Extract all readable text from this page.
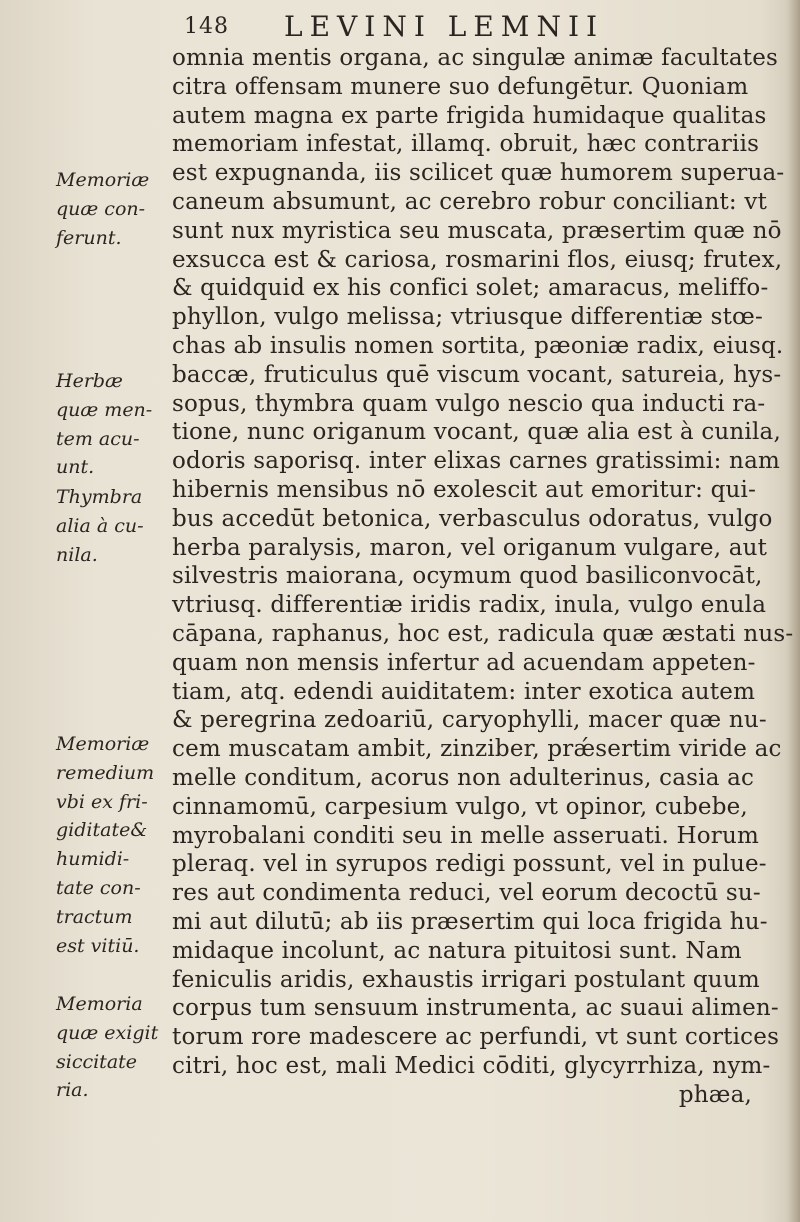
148 LEVINI LEMNII
Memoriæ
quæ con-
ferunt.
Herbæ
quæ men-
tem acu-
unt.
Thymbra
alia à cu-
nila.
Memoriæ
remedium
vbi ex fri-
giditate&
humidi-
tate con-
tractum
est vitiū.
Memoria
quæ exigit
siccitate
ria.
omnia mentis organa, ac singulæ animæ facultates
citra offensam munere suo defungētur. Quoniam
autem magna ex parte frigida humidaque qualitas
memoriam infestat, illamq. obruit, hæc contrariis
est expugnanda, iis scilicet quæ humorem superua-
caneum absumunt, ac cerebro robur conciliant: vt
sunt nux myristica seu muscata, præsertim quæ nō
exsucca est & cariosa, rosmarini flos, eiusq; frutex,
& quidquid ex his confici solet; amaracus, meliffo-
phyllon, vulgo melissa; vtriusque differentiæ stœ-
chas ab insulis nomen sortita, pæoniæ radix, eiusq.
baccæ, fruticulus quē viscum vocant, satureia, hys-
sopus, thymbra quam vulgo nescio qua inducti ra-
tione, nunc origanum vocant, quæ alia est à cunila,
odoris saporisq. inter elixas carnes gratissimi: nam
hibernis mensibus nō exolescit aut emoritur: qui-
bus accedūt betonica, verbasculus odoratus, vulgo
herba paralysis, maron, vel origanum vulgare, aut
silvestris maiorana, ocymum quod basiliconvocāt,
vtriusq. differentiæ iridis radix, inula, vulgo enula
cāpana, raphanus, hoc est, radicula quæ æstati nus-
quam non mensis infertur ad acuendam appeten-
tiam, atq. edendi auiditatem: inter exotica autem
& peregrina zedoariū, caryophylli, macer quæ nu-
cem muscatam ambit, zinziber, prǽsertim viride ac
melle conditum, acorus non adulterinus, casia ac
cinnamomū, carpesium vulgo, vt opinor, cubebe,
myrobalani conditi seu in melle asseruati. Horum
pleraq. vel in syrupos redigi possunt, vel in pulue-
res aut condimenta reduci, vel eorum decoctū su-
mi aut dilutū; ab iis præsertim qui loca frigida hu-
midaque incolunt, ac natura pituitosi sunt. Nam
feniculis aridis, exhaustis irrigari postulant quum
corpus tum sensuum instrumenta, ac suaui alimen-
torum rore madescere ac perfundi, vt sunt cortices
citri, hoc est, mali Medici cōditi, glycyrrhiza, nym-
phæa,
